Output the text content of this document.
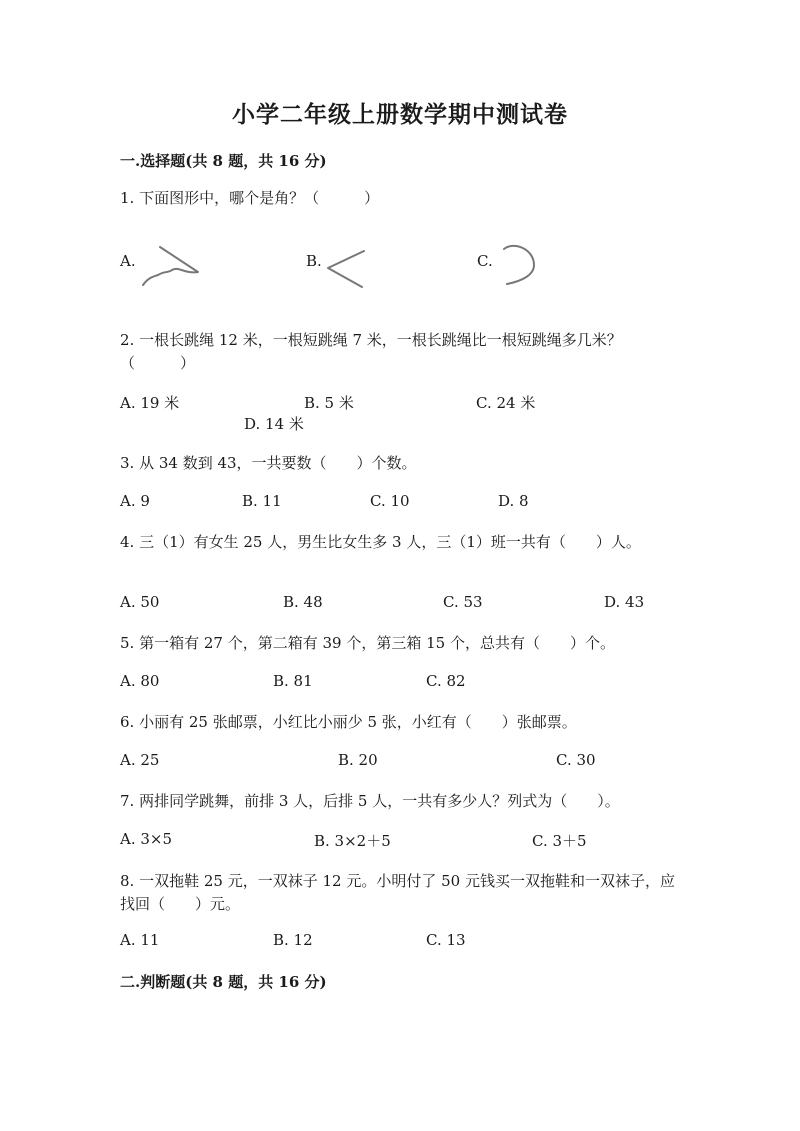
小学二年级上册数学期中测试卷
一.选择题(共 8 题，共 16 分)
1. 下面图形中，哪个是角？（　　　）
A.	B.	C.
2. 一根长跳绳 12 米，一根短跳绳 7 米，一根长跳绳比一根短跳绳多几米？（　　　）
A. 19 米	B. 5 米	C. 24 米
D. 14 米
3. 从 34 数到 43，一共要数（　　）个数。
A. 9	B. 11	C. 10	D. 8
4. 三（1）有女生 25 人，男生比女生多 3 人，三（1）班一共有（　　）人。
A. 50	B. 48	C. 53	D. 43
5. 第一箱有 27 个，第二箱有 39 个，第三箱 15 个，总共有（　　）个。
A. 80	B. 81	C. 82
6. 小丽有 25 张邮票，小红比小丽少 5 张，小红有（　　）张邮票。
A. 25	B. 20	C. 30
7. 两排同学跳舞，前排 3 人，后排 5 人，一共有多少人？列式为（　　）。
A. 3×5	B. 3×2＋5	C. 3＋5
8. 一双拖鞋 25 元，一双袜子 12 元。小明付了 50 元钱买一双拖鞋和一双袜子，应找回（　　）元。
A. 11	B. 12	C. 13
二.判断题(共 8 题，共 16 分)
